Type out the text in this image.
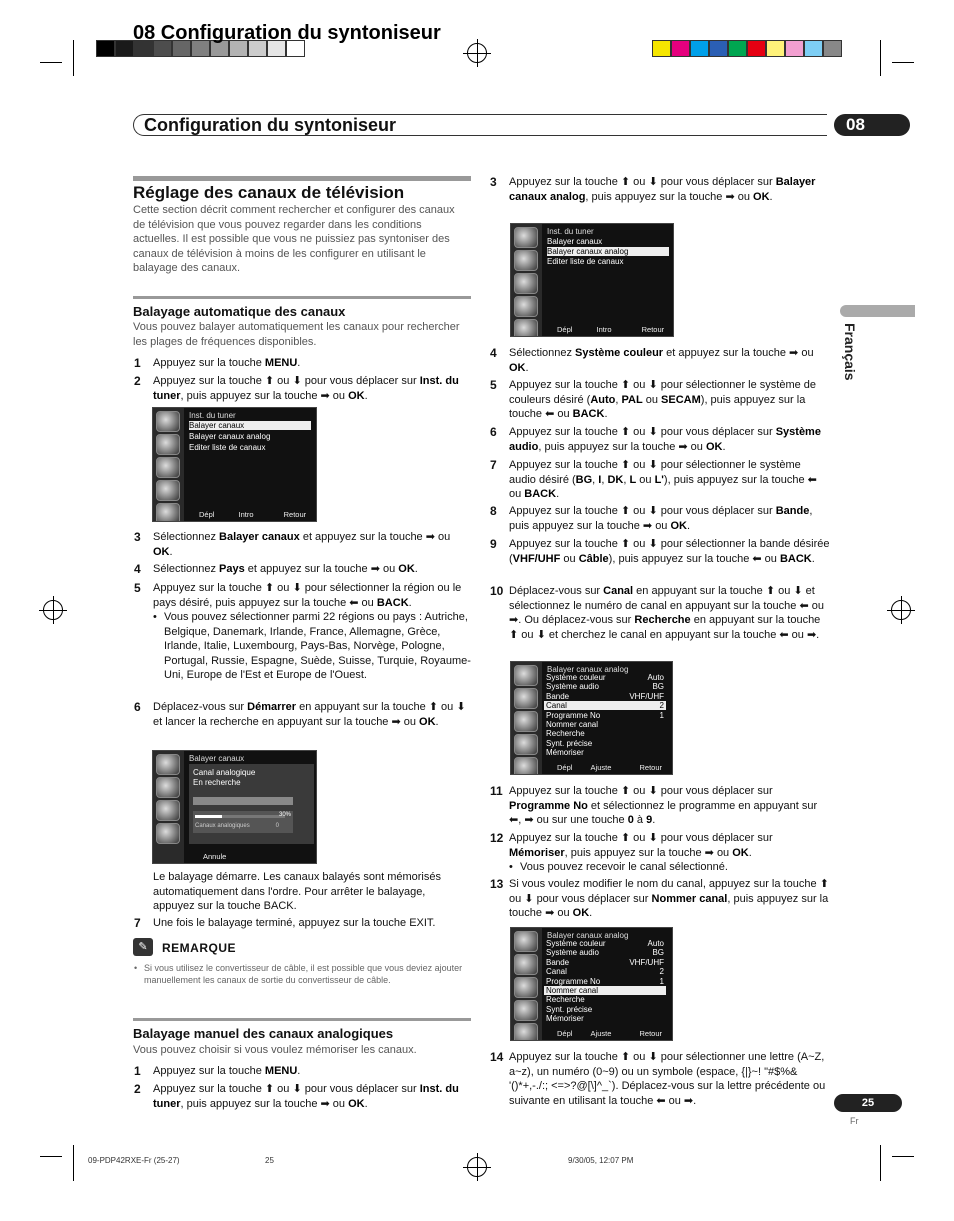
08 Configuration du syntoniseur
Configuration du syntoniseur	08
Français
Réglage des canaux de télévision
Cette section décrit comment rechercher et configurer des canaux de télévision que vous pouvez regarder dans les conditions actuelles. Il est possible que vous ne puissiez pas syntoniser des canaux de télévision à moins de les configurer en utilisant le balayage des canaux.
Balayage automatique des canaux
Vous pouvez balayer automatiquement les canaux pour rechercher les plages de fréquences disponibles.
1 Appuyez sur la touche MENU.
2 Appuyez sur la touche ⬆ ou ⬇ pour vous déplacer sur Inst. du tuner, puis appuyez sur la touche ➡ ou OK.
Inst. du tuner
Balayer canaux
Balayer canaux analog
Editer liste de canaux
Dépl	Intro	Retour
3 Sélectionnez Balayer canaux et appuyez sur la touche ➡ ou OK.
4 Sélectionnez Pays et appuyez sur la touche ➡ ou OK.
5 Appuyez sur la touche ⬆ ou ⬇ pour sélectionner la région ou le pays désiré, puis appuyez sur la touche ⬅ ou BACK.
• Vous pouvez sélectionner parmi 22 régions ou pays : Autriche, Belgique, Danemark, Irlande, France, Allemagne, Grèce, Irlande, Italie, Luxembourg, Pays-Bas, Norvège, Pologne, Portugal, Russie, Espagne, Suède, Suisse, Turquie, Royaume-Uni, Europe de l'Est et Europe de l'Ouest.
6 Déplacez-vous sur Démarrer en appuyant sur la touche ⬆ ou ⬇ et lancer la recherche en appuyant sur la touche ➡ ou OK.
Balayer canaux
Canal analogique
En recherche
30%
Canaux analogiques	0
Annule
Le balayage démarre. Les canaux balayés sont mémorisés automatiquement dans l'ordre. Pour arrêter le balayage, appuyez sur la touche BACK.
7 Une fois le balayage terminé, appuyez sur la touche EXIT.
✎	REMARQUE
• Si vous utilisez le convertisseur de câble, il est possible que vous deviez ajouter manuellement les canaux de sortie du convertisseur de câble.
Balayage manuel des canaux analogiques
Vous pouvez choisir si vous voulez mémoriser les canaux.
1 Appuyez sur la touche MENU.
2 Appuyez sur la touche ⬆ ou ⬇ pour vous déplacer sur Inst. du tuner, puis appuyez sur la touche ➡ ou OK.
3 Appuyez sur la touche ⬆ ou ⬇ pour vous déplacer sur Balayer canaux analog, puis appuyez sur la touche ➡ ou OK.
Inst. du tuner
Balayer canaux
Balayer canaux analog
Editer liste de canaux
Dépl	Intro	Retour
4 Sélectionnez Système couleur et appuyez sur la touche ➡ ou OK.
5 Appuyez sur la touche ⬆ ou ⬇ pour sélectionner le système de couleurs désiré (Auto, PAL ou SECAM), puis appuyez sur la touche ⬅ ou BACK.
6 Appuyez sur la touche ⬆ ou ⬇ pour vous déplacer sur Système audio, puis appuyez sur la touche ➡ ou OK.
7 Appuyez sur la touche ⬆ ou ⬇ pour sélectionner le système audio désiré (BG, I, DK, L ou L'), puis appuyez sur la touche ⬅ ou BACK.
8 Appuyez sur la touche ⬆ ou ⬇ pour vous déplacer sur Bande, puis appuyez sur la touche ➡ ou OK.
9 Appuyez sur la touche ⬆ ou ⬇ pour sélectionner la bande désirée (VHF/UHF ou Câble), puis appuyez sur la touche ⬅ ou BACK.
10 Déplacez-vous sur Canal en appuyant sur la touche ⬆ ou ⬇ et sélectionnez le numéro de canal en appuyant sur la touche ⬅ ou ➡. Ou déplacez-vous sur Recherche en appuyant sur la touche ⬆ ou ⬇ et cherchez le canal en appuyant sur la touche ⬅ ou ➡.
Balayer canaux analog
Système couleur	Auto
Système audio	BG
Bande	VHF/UHF
Canal	2
Programme No	1
Nommer canal
Recherche
Synt. précise
Mémoriser
Dépl Ajuste	Retour
11 Appuyez sur la touche ⬆ ou ⬇ pour vous déplacer sur Programme No et sélectionnez le programme en appuyant sur ⬅, ➡ ou sur une touche 0 à 9.
12 Appuyez sur la touche ⬆ ou ⬇ pour vous déplacer sur Mémoriser, puis appuyez sur la touche ➡ ou OK.
• Vous pouvez recevoir le canal sélectionné.
13 Si vous voulez modifier le nom du canal, appuyez sur la touche ⬆ ou ⬇ pour vous déplacer sur Nommer canal, puis appuyez sur la touche ➡ ou OK.
Balayer canaux analog
Système couleur	Auto
Système audio	BG
Bande	VHF/UHF
Canal	2
Programme No	1
Nommer canal
Recherche
Synt. précise
Mémoriser
Dépl Ajuste	Retour
14 Appuyez sur la touche ⬆ ou ⬇ pour sélectionner une lettre (A~Z, a~z), un numéro (0~9) ou un symbole (espace, {|}~! "#$%& '()*+,-./:; <=>?@[\]^_`). Déplacez-vous sur la lettre précédente ou suivante en utilisant la touche ⬅ ou ➡.	25
Fr
09-PDP42RXE-Fr (25-27)	25	9/30/05, 12:07 PM
